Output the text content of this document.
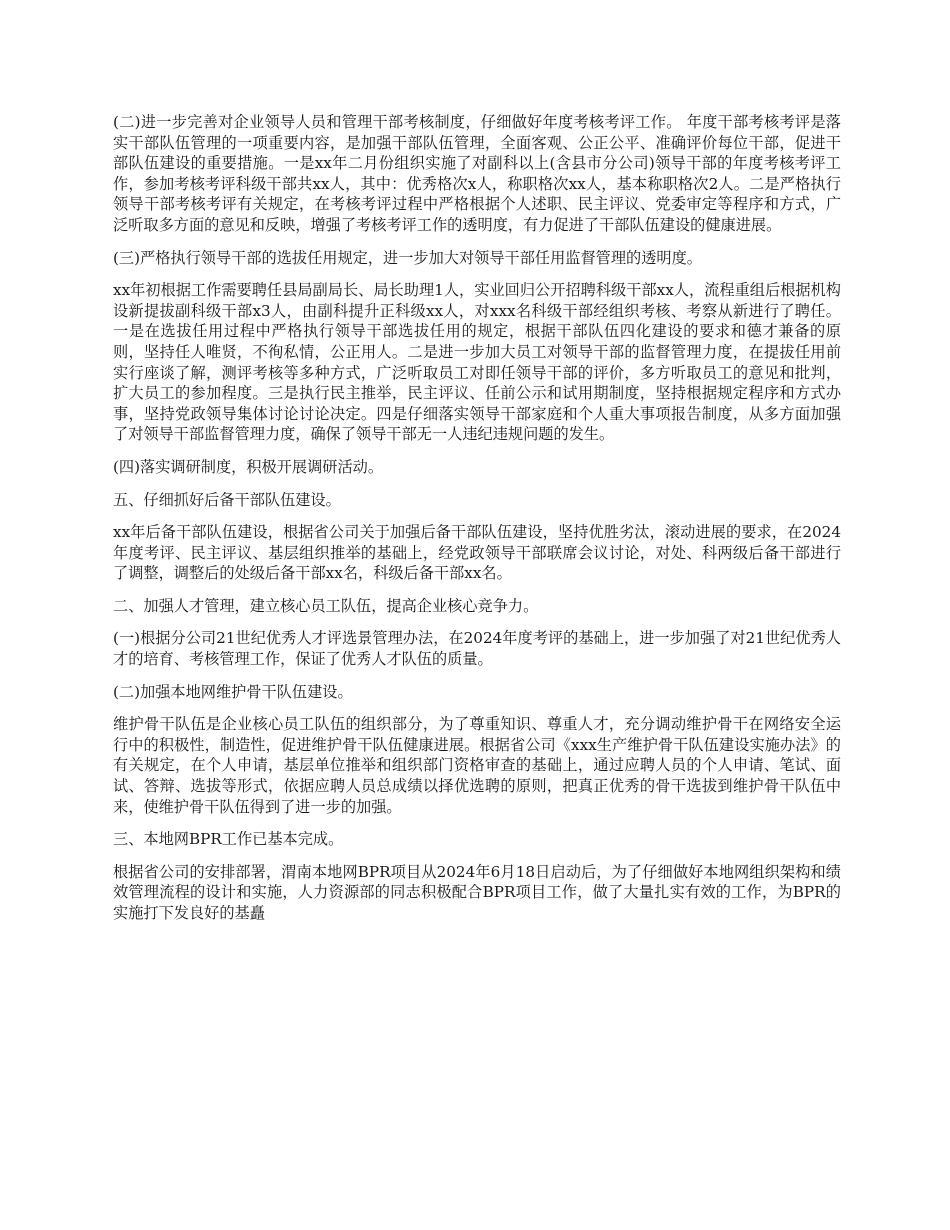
(二)进一步完善对企业领导人员和管理干部考核制度，仔细做好年度考核考评工作。 年度干部考核考评是落实干部队伍管理的一项重要内容，是加强干部队伍管理，全面客观、公正公平、准确评价每位干部，促进干部队伍建设的重要措施。一是xx年二月份组织实施了对副科以上(含县市分公司)领导干部的年度考核考评工作，参加考核考评科级干部共xx人，其中：优秀格次x人，称职格次xx人，基本称职格次2人。二是严格执行领导干部考核考评有关规定，在考核考评过程中严格根据个人述职、民主评议、党委审定等程序和方式，广泛听取多方面的意见和反映，增强了考核考评工作的透明度，有力促进了干部队伍建设的健康进展。

(三)严格执行领导干部的选拔任用规定，进一步加大对领导干部任用监督管理的透明度。

xx年初根据工作需要聘任县局副局长、局长助理1人，实业回归公开招聘科级干部xx人，流程重组后根据机构设新提拔副科级干部x3人，由副科提升正科级xx人，对xxx名科级干部经组织考核、考察从新进行了聘任。一是在选拔任用过程中严格执行领导干部选拔任用的规定，根据干部队伍四化建设的要求和德才兼备的原则，坚持任人唯贤，不徇私情，公正用人。二是进一步加大员工对领导干部的监督管理力度，在提拔任用前实行座谈了解，测评考核等多种方式，广泛听取员工对即任领导干部的评价，多方听取员工的意见和批判，扩大员工的参加程度。三是执行民主推举，民主评议、任前公示和试用期制度，坚持根据规定程序和方式办事，坚持党政领导集体讨论讨论决定。四是仔细落实领导干部家庭和个人重大事项报告制度，从多方面加强了对领导干部监督管理力度，确保了领导干部无一人违纪违规问题的发生。

(四)落实调研制度，积极开展调研活动。

五、仔细抓好后备干部队伍建设。

xx年后备干部队伍建设，根据省公司关于加强后备干部队伍建设，坚持优胜劣汰，滚动进展的要求，在2024年度考评、民主评议、基层组织推举的基础上，经党政领导干部联席会议讨论，对处、科两级后备干部进行了调整，调整后的处级后备干部xx名，科级后备干部xx名。

二、加强人才管理，建立核心员工队伍，提高企业核心竞争力。

(一)根据分公司21世纪优秀人才评选景管理办法，在2024年度考评的基础上，进一步加强了对21世纪优秀人才的培育、考核管理工作，保证了优秀人才队伍的质量。

(二)加强本地网维护骨干队伍建设。

维护骨干队伍是企业核心员工队伍的组织部分，为了尊重知识、尊重人才，充分调动维护骨干在网络安全运行中的积极性，制造性，促进维护骨干队伍健康进展。根据省公司《xxx生产维护骨干队伍建设实施办法》的有关规定，在个人申请，基层单位推举和组织部门资格审查的基础上，通过应聘人员的个人申请、笔试、面试、答辩、选拔等形式，依据应聘人员总成绩以择优选聘的原则，把真正优秀的骨干选拔到维护骨干队伍中来，使维护骨干队伍得到了进一步的加强。

三、本地网BPR工作已基本完成。

根据省公司的安排部署，渭南本地网BPR项目从2024年6月18日启动后，为了仔细做好本地网组织架构和绩效管理流程的设计和实施，人力资源部的同志积极配合BPR项目工作，做了大量扎实有效的工作，为BPR的实施打下发良好的基矗
